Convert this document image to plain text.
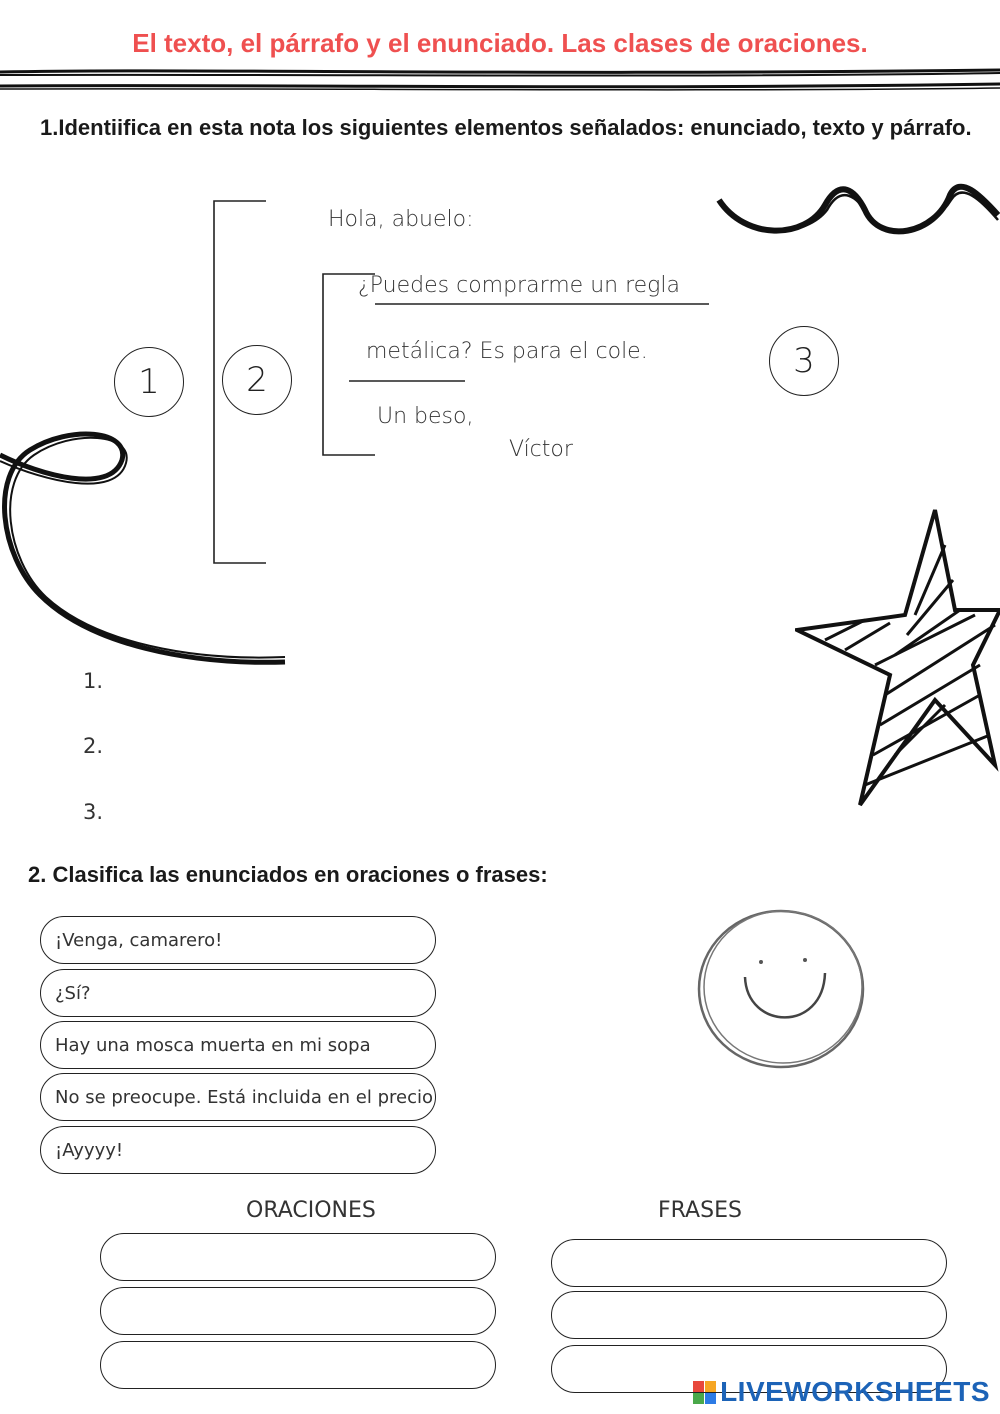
El texto, el párrafo y el enunciado. Las clases de oraciones.
1.Identiifica en esta nota los siguientes elementos señalados: enunciado, texto y párrafo.
Hola, abuelo:
¿Puedes comprarme un regla
metálica? Es para el cole.
Un beso,
Víctor
1	2	3
1.
2.
3.
2. Clasifica las enunciados en oraciones o frases:
¡Venga, camarero!
¿Sí?
Hay una mosca muerta en mi sopa
No se preocupe. Está incluida en el precio
¡Ayyyy!
ORACIONES	FRASES
LIVEWORKSHEETS
